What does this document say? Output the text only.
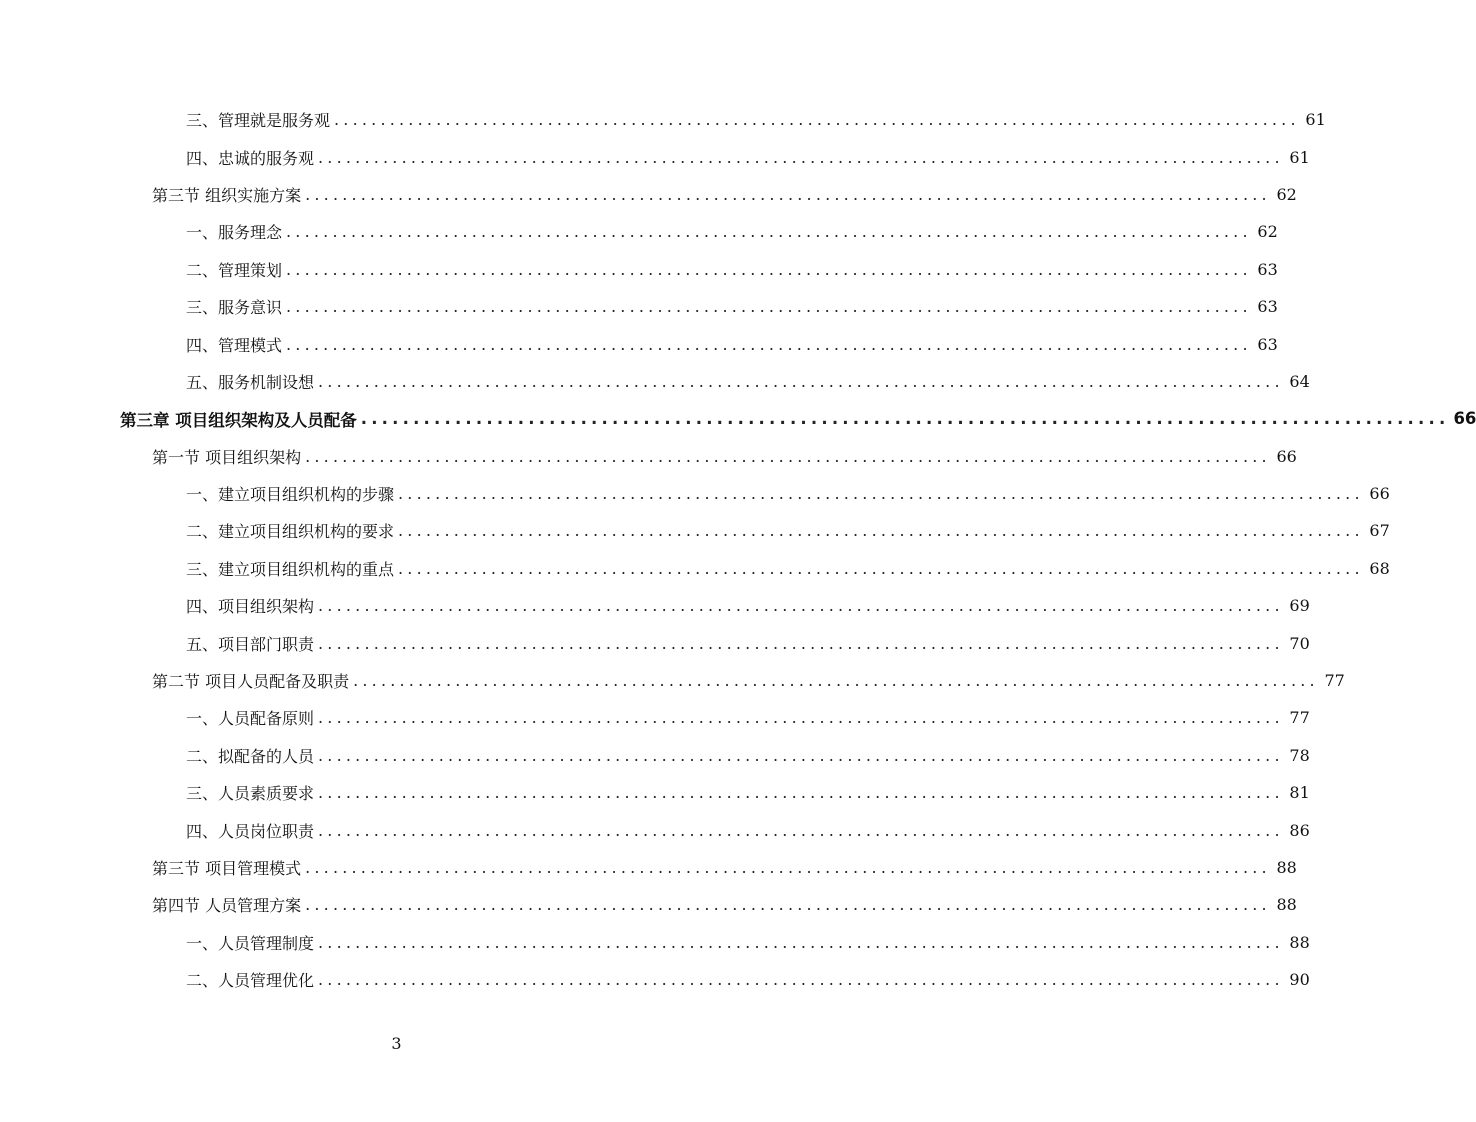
三、管理就是服务观 ........................................................................................................ 61
四、忠诚的服务观 ........................................................................................................ 61
第三节 组织实施方案 ........................................................................................................ 62
一、服务理念 ........................................................................................................ 62
二、管理策划 ........................................................................................................ 63
三、服务意识 ........................................................................................................ 63
四、管理模式 ........................................................................................................ 63
五、服务机制设想 ........................................................................................................ 64
第三章 项目组织架构及人员配备 ........................................................................................................ 66
第一节 项目组织架构 ........................................................................................................ 66
一、建立项目组织机构的步骤 ........................................................................................................ 66
二、建立项目组织机构的要求 ........................................................................................................ 67
三、建立项目组织机构的重点 ........................................................................................................ 68
四、项目组织架构 ........................................................................................................ 69
五、项目部门职责 ........................................................................................................ 70
第二节 项目人员配备及职责 ........................................................................................................ 77
一、人员配备原则 ........................................................................................................ 77
二、拟配备的人员 ........................................................................................................ 78
三、人员素质要求 ........................................................................................................ 81
四、人员岗位职责 ........................................................................................................ 86
第三节 项目管理模式 ........................................................................................................ 88
第四节 人员管理方案 ........................................................................................................ 88
一、人员管理制度 ........................................................................................................ 88
二、人员管理优化 ........................................................................................................ 90
3
